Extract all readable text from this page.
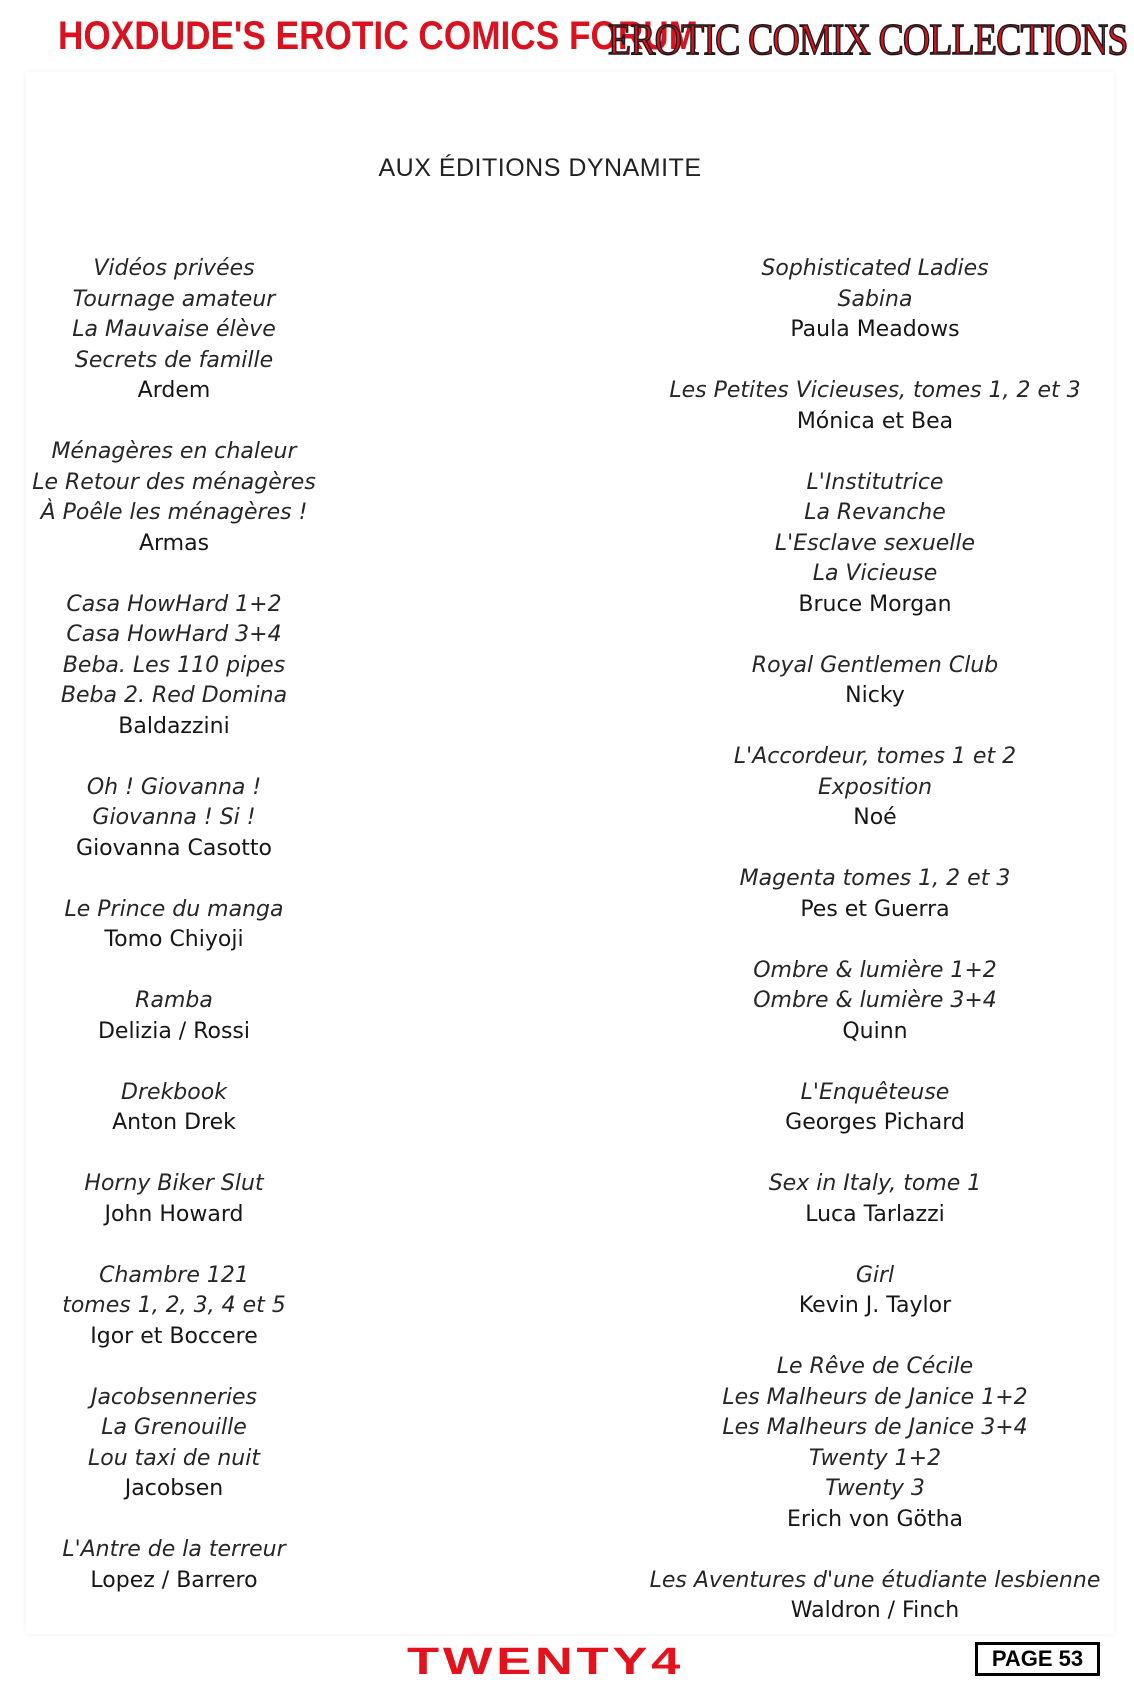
HOXDUDE'S EROTIC COMICS FORUM
EROTIC COMIX COLLECTIONS
AUX ÉDITIONS DYNAMITE
Vidéos privées
Tournage amateur
La Mauvaise élève
Secrets de famille
Ardem
Ménagères en chaleur
Le Retour des ménagères
À Poêle les ménagères !
Armas
Casa HowHard 1+2
Casa HowHard 3+4
Beba. Les 110 pipes
Beba 2. Red Domina
Baldazzini
Oh ! Giovanna !
Giovanna ! Si !
Giovanna Casotto
Le Prince du manga
Tomo Chiyoji
Ramba
Delizia / Rossi
Drekbook
Anton Drek
Horny Biker Slut
John Howard
Chambre 121
tomes 1, 2, 3, 4 et 5
Igor et Boccere
Jacobsenneries
La Grenouille
Lou taxi de nuit
Jacobsen
L'Antre de la terreur
Lopez / Barrero
Sophisticated Ladies
Sabina
Paula Meadows
Les Petites Vicieuses, tomes 1, 2 et 3
Mónica et Bea
L'Institutrice
La Revanche
L'Esclave sexuelle
La Vicieuse
Bruce Morgan
Royal Gentlemen Club
Nicky
L'Accordeur, tomes 1 et 2
Exposition
Noé
Magenta tomes 1, 2 et 3
Pes et Guerra
Ombre & lumière 1+2
Ombre & lumière 3+4
Quinn
L'Enquêteuse
Georges Pichard
Sex in Italy, tome 1
Luca Tarlazzi
Girl
Kevin J. Taylor
Le Rêve de Cécile
Les Malheurs de Janice 1+2
Les Malheurs de Janice 3+4
Twenty 1+2
Twenty 3
Erich von Götha
Les Aventures d'une étudiante lesbienne
Waldron / Finch
TWENTY4	PAGE 53
